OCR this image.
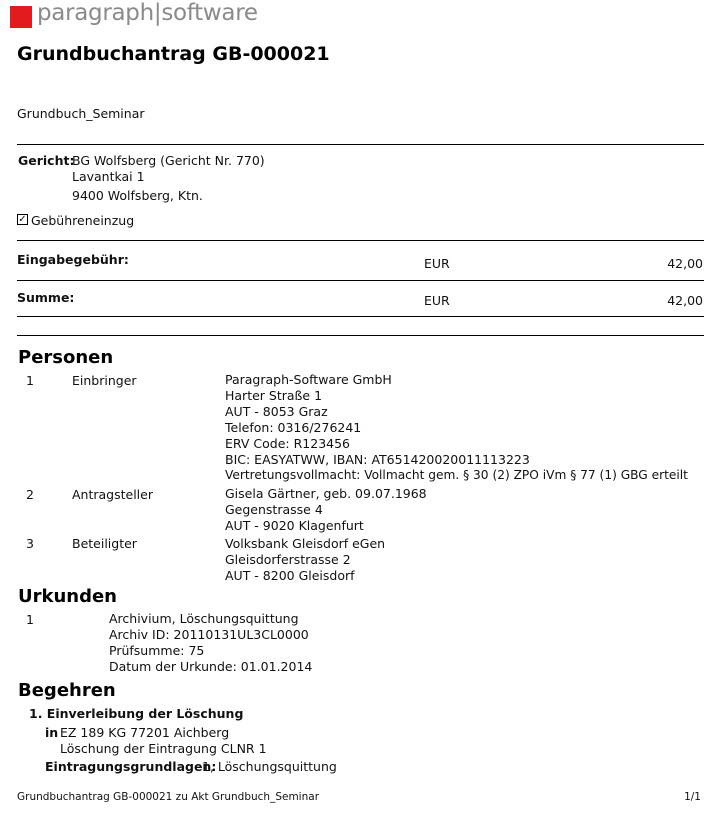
paragraph|software
Grundbuchantrag GB-000021
Grundbuch_Seminar
Gericht:
BG Wolfsberg (Gericht Nr. 770)
Lavantkai 1
9400 Wolfsberg, Ktn.
✓ Gebühreneinzug
Eingabegebühr:	EUR	42,00
Summe:	EUR	42,00
Personen
1	Einbringer	Paragraph-Software GmbH
Harter Straße 1
AUT - 8053 Graz
Telefon: 0316/276241
ERV Code: R123456
BIC: EASYATWW, IBAN: AT651420020011113223
Vertretungsvollmacht: Vollmacht gem. § 30 (2) ZPO iVm § 77 (1) GBG erteilt
2	Antragsteller	Gisela Gärtner, geb. 09.07.1968
Gegenstrasse 4
AUT - 9020 Klagenfurt
3	Beteiligter	Volksbank Gleisdorf eGen
Gleisdorferstrasse 2
AUT - 8200 Gleisdorf
Urkunden
1	Archivium, Löschungsquittung
Archiv ID: 20110131UL3CL0000
Prüfsumme: 75
Datum der Urkunde: 01.01.2014
Begehren
1. Einverleibung der Löschung
in EZ 189 KG 77201 Aichberg
Löschung der Eintragung CLNR 1
Eintragungsgrundlagen:
1, Löschungsquittung
Grundbuchantrag GB-000021 zu Akt Grundbuch_Seminar	1/1
